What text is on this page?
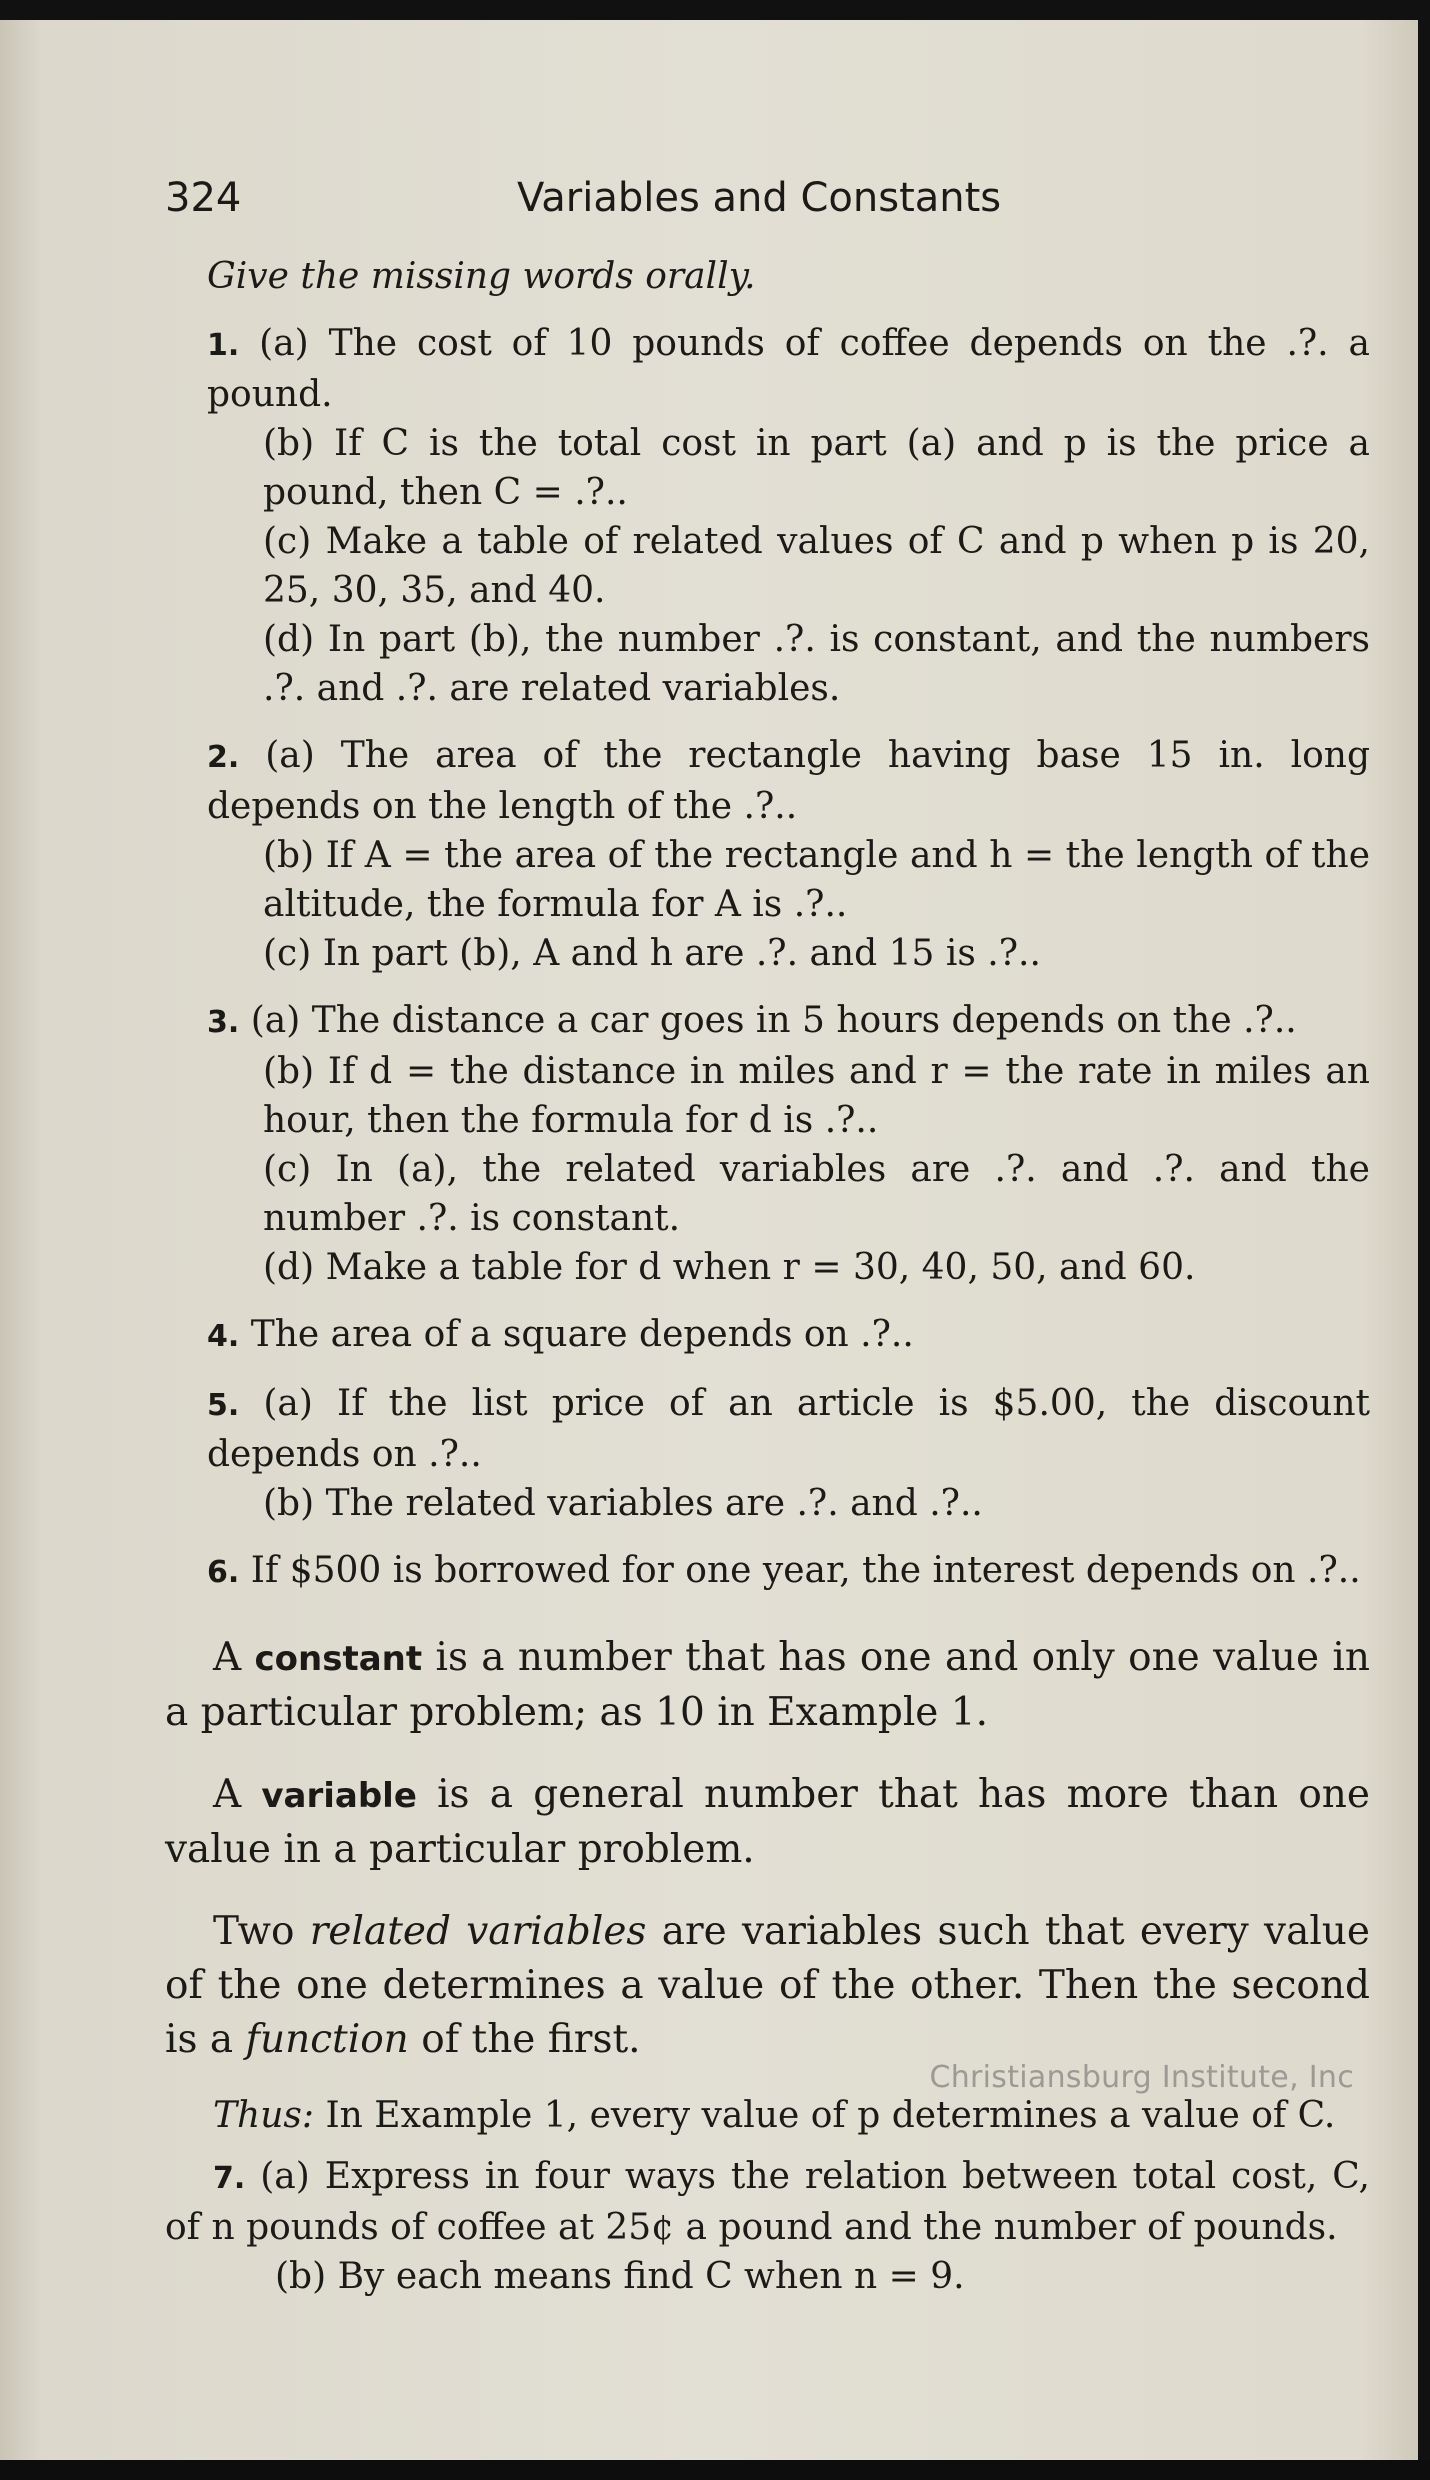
324	Variables and Constants

Give the missing words orally.

1. (a) The cost of 10 pounds of coffee depends on the .?. a pound.

(b) If C is the total cost in part (a) and p is the price a pound, then C = .?..

(c) Make a table of related values of C and p when p is 20, 25, 30, 35, and 40.

(d) In part (b), the number .?. is constant, and the numbers .?. and .?. are related variables.

2. (a) The area of the rectangle having base 15 in. long depends on the length of the .?..

(b) If A = the area of the rectangle and h = the length of the altitude, the formula for A is .?..

(c) In part (b), A and h are .?. and 15 is .?..

3. (a) The distance a car goes in 5 hours depends on the .?..

(b) If d = the distance in miles and r = the rate in miles an hour, then the formula for d is .?..

(c) In (a), the related variables are .?. and .?. and the number .?. is constant.

(d) Make a table for d when r = 30, 40, 50, and 60.

4. The area of a square depends on .?..

5. (a) If the list price of an article is $5.00, the discount depends on .?..

(b) The related variables are .?. and .?..

6. If $500 is borrowed for one year, the interest depends on .?..

A constant is a number that has one and only one value in a particular problem; as 10 in Example 1.

A variable is a general number that has more than one value in a particular problem.

Two related variables are variables such that every value of the one determines a value of the other. Then the second is a function of the first.

Thus: In Example 1, every value of p determines a value of C.

7. (a) Express in four ways the relation between total cost, C, of n pounds of coffee at 25¢ a pound and the number of pounds.

(b) By each means find C when n = 9.

Christiansburg Institute, Inc
